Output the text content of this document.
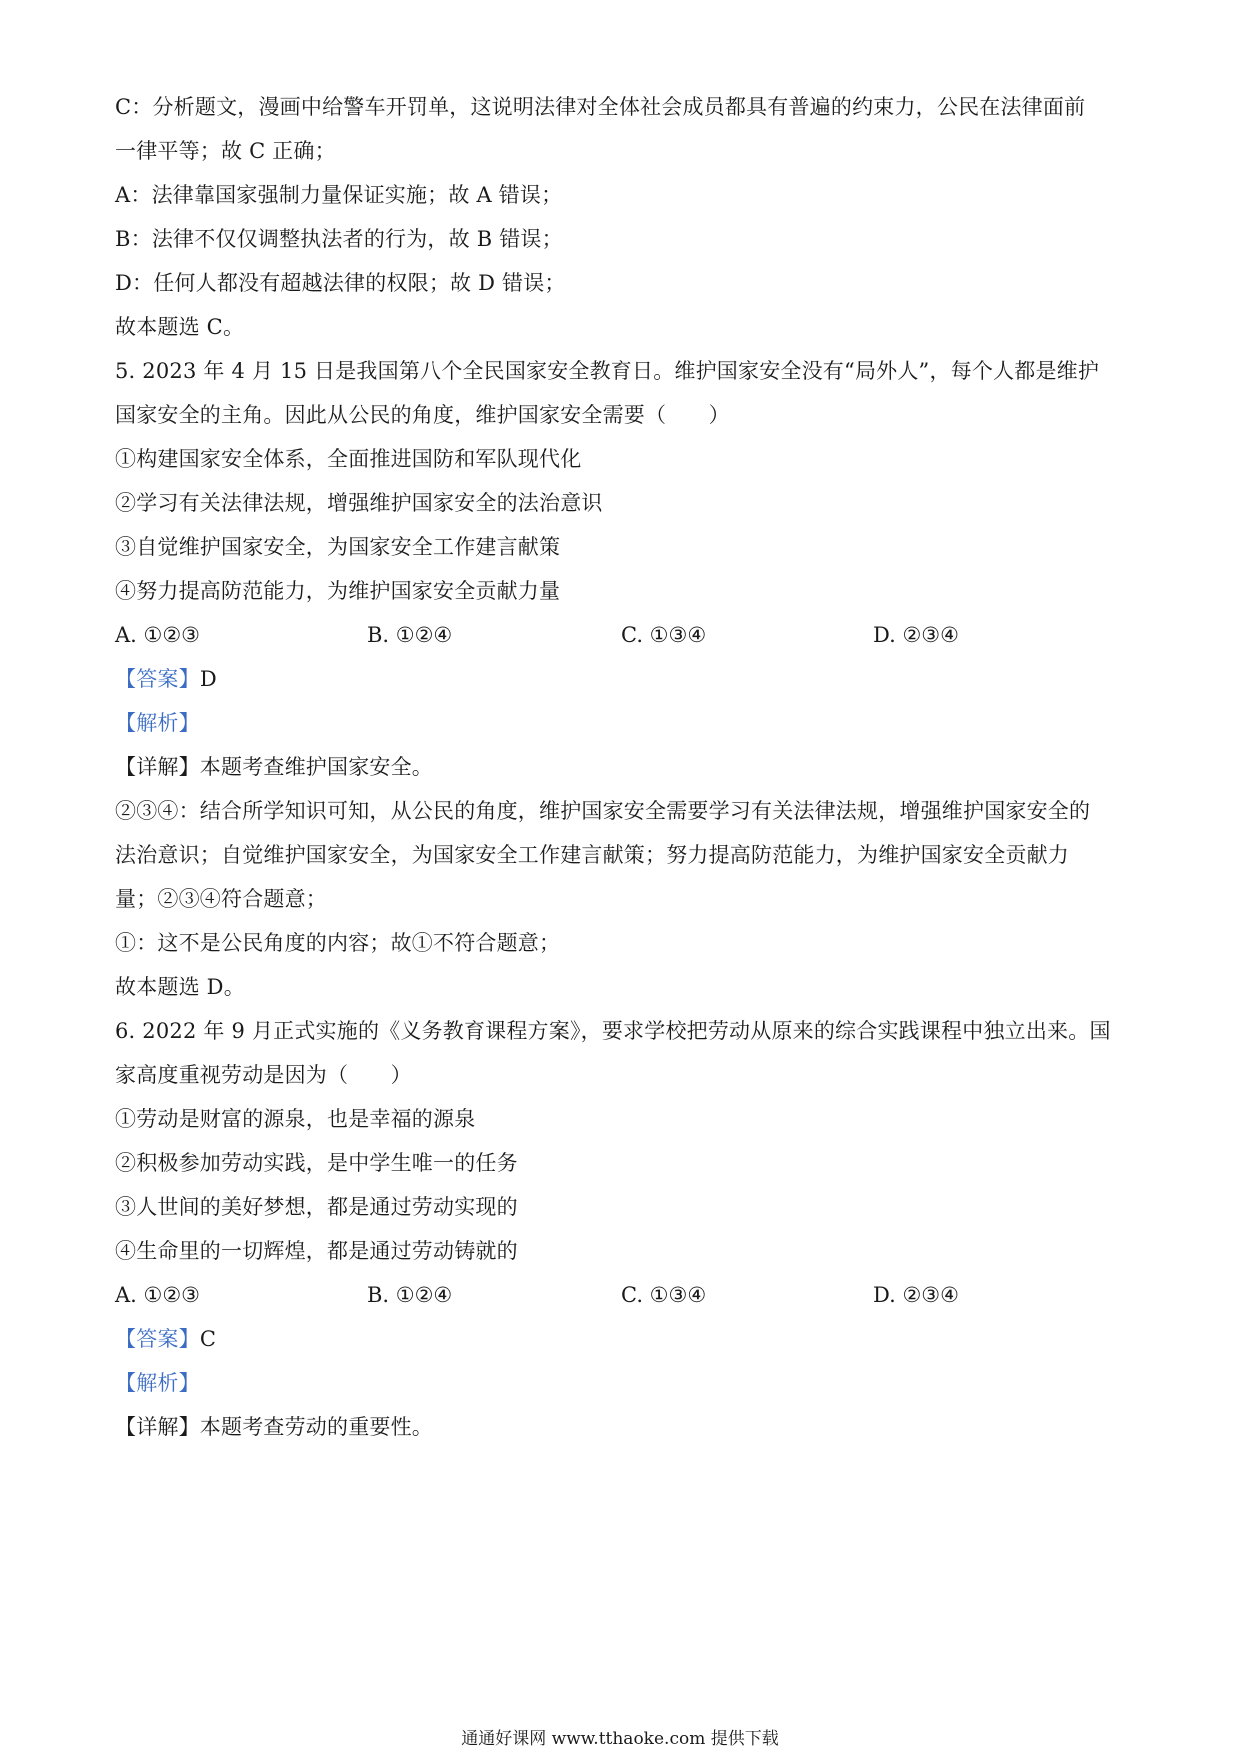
C：分析题文，漫画中给警车开罚单，这说明法律对全体社会成员都具有普遍的约束力，公民在法律面前
一律平等；故 C 正确；
A：法律靠国家强制力量保证实施；故 A 错误；
B：法律不仅仅调整执法者的行为，故 B 错误；
D：任何人都没有超越法律的权限；故 D 错误；
故本题选 C。
5. 2023 年 4 月 15 日是我国第八个全民国家安全教育日。维护国家安全没有“局外人”，每个人都是维护
国家安全的主角。因此从公民的角度，维护国家安全需要（　　）
①构建国家安全体系，全面推进国防和军队现代化
②学习有关法律法规，增强维护国家安全的法治意识
③自觉维护国家安全，为国家安全工作建言献策
④努力提高防范能力，为维护国家安全贡献力量
A. ①②③	B. ①②④	C. ①③④	D. ②③④
【答案】D
【解析】
【详解】本题考查维护国家安全。
②③④：结合所学知识可知，从公民的角度，维护国家安全需要学习有关法律法规，增强维护国家安全的
法治意识；自觉维护国家安全，为国家安全工作建言献策；努力提高防范能力，为维护国家安全贡献力
量；②③④符合题意；
①：这不是公民角度的内容；故①不符合题意；
故本题选 D。
6. 2022 年 9 月正式实施的《义务教育课程方案》，要求学校把劳动从原来的综合实践课程中独立出来。国
家高度重视劳动是因为（　　）
①劳动是财富的源泉，也是幸福的源泉
②积极参加劳动实践，是中学生唯一的任务
③人世间的美好梦想，都是通过劳动实现的
④生命里的一切辉煌，都是通过劳动铸就的
A. ①②③	B. ①②④	C. ①③④	D. ②③④
【答案】C
【解析】
【详解】本题考查劳动的重要性。
通通好课网 www.tthaoke.com 提供下载
